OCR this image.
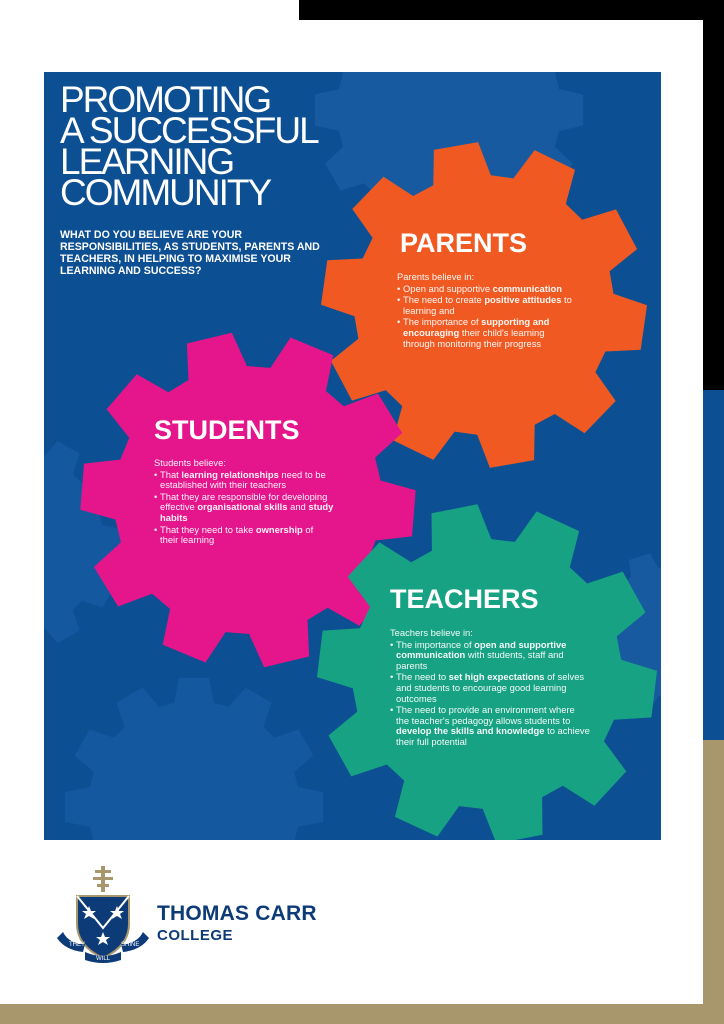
PROMOTING
A SUCCESSFUL
LEARNING
COMMUNITY

WHAT DO YOU BELIEVE ARE YOUR RESPONSIBILITIES, AS STUDENTS, PARENTS AND TEACHERS, IN HELPING TO MAXIMISE YOUR LEARNING AND SUCCESS?

PARENTS

Parents believe in:

• Open and supportive communication
• The need to create positive attitudes to learning and
• The importance of supporting and encouraging their child's learning through monitoring their progress
STUDENTS

Students believe:

• That learning relationships need to be established with their teachers
• That they are responsible for developing effective organisational skills and study habits
• That they need to take ownership of their learning
TEACHERS

Teachers believe in:

• The importance of open and supportive communication with students, staff and parents
• The need to set high expectations of selves and students to encourage good learning outcomes
• The need to provide an environment where the teacher's pedagogy allows students to develop the skills and knowledge to achieve their full potential
THEY
WILL
SHINE

THOMAS CARR

COLLEGE
